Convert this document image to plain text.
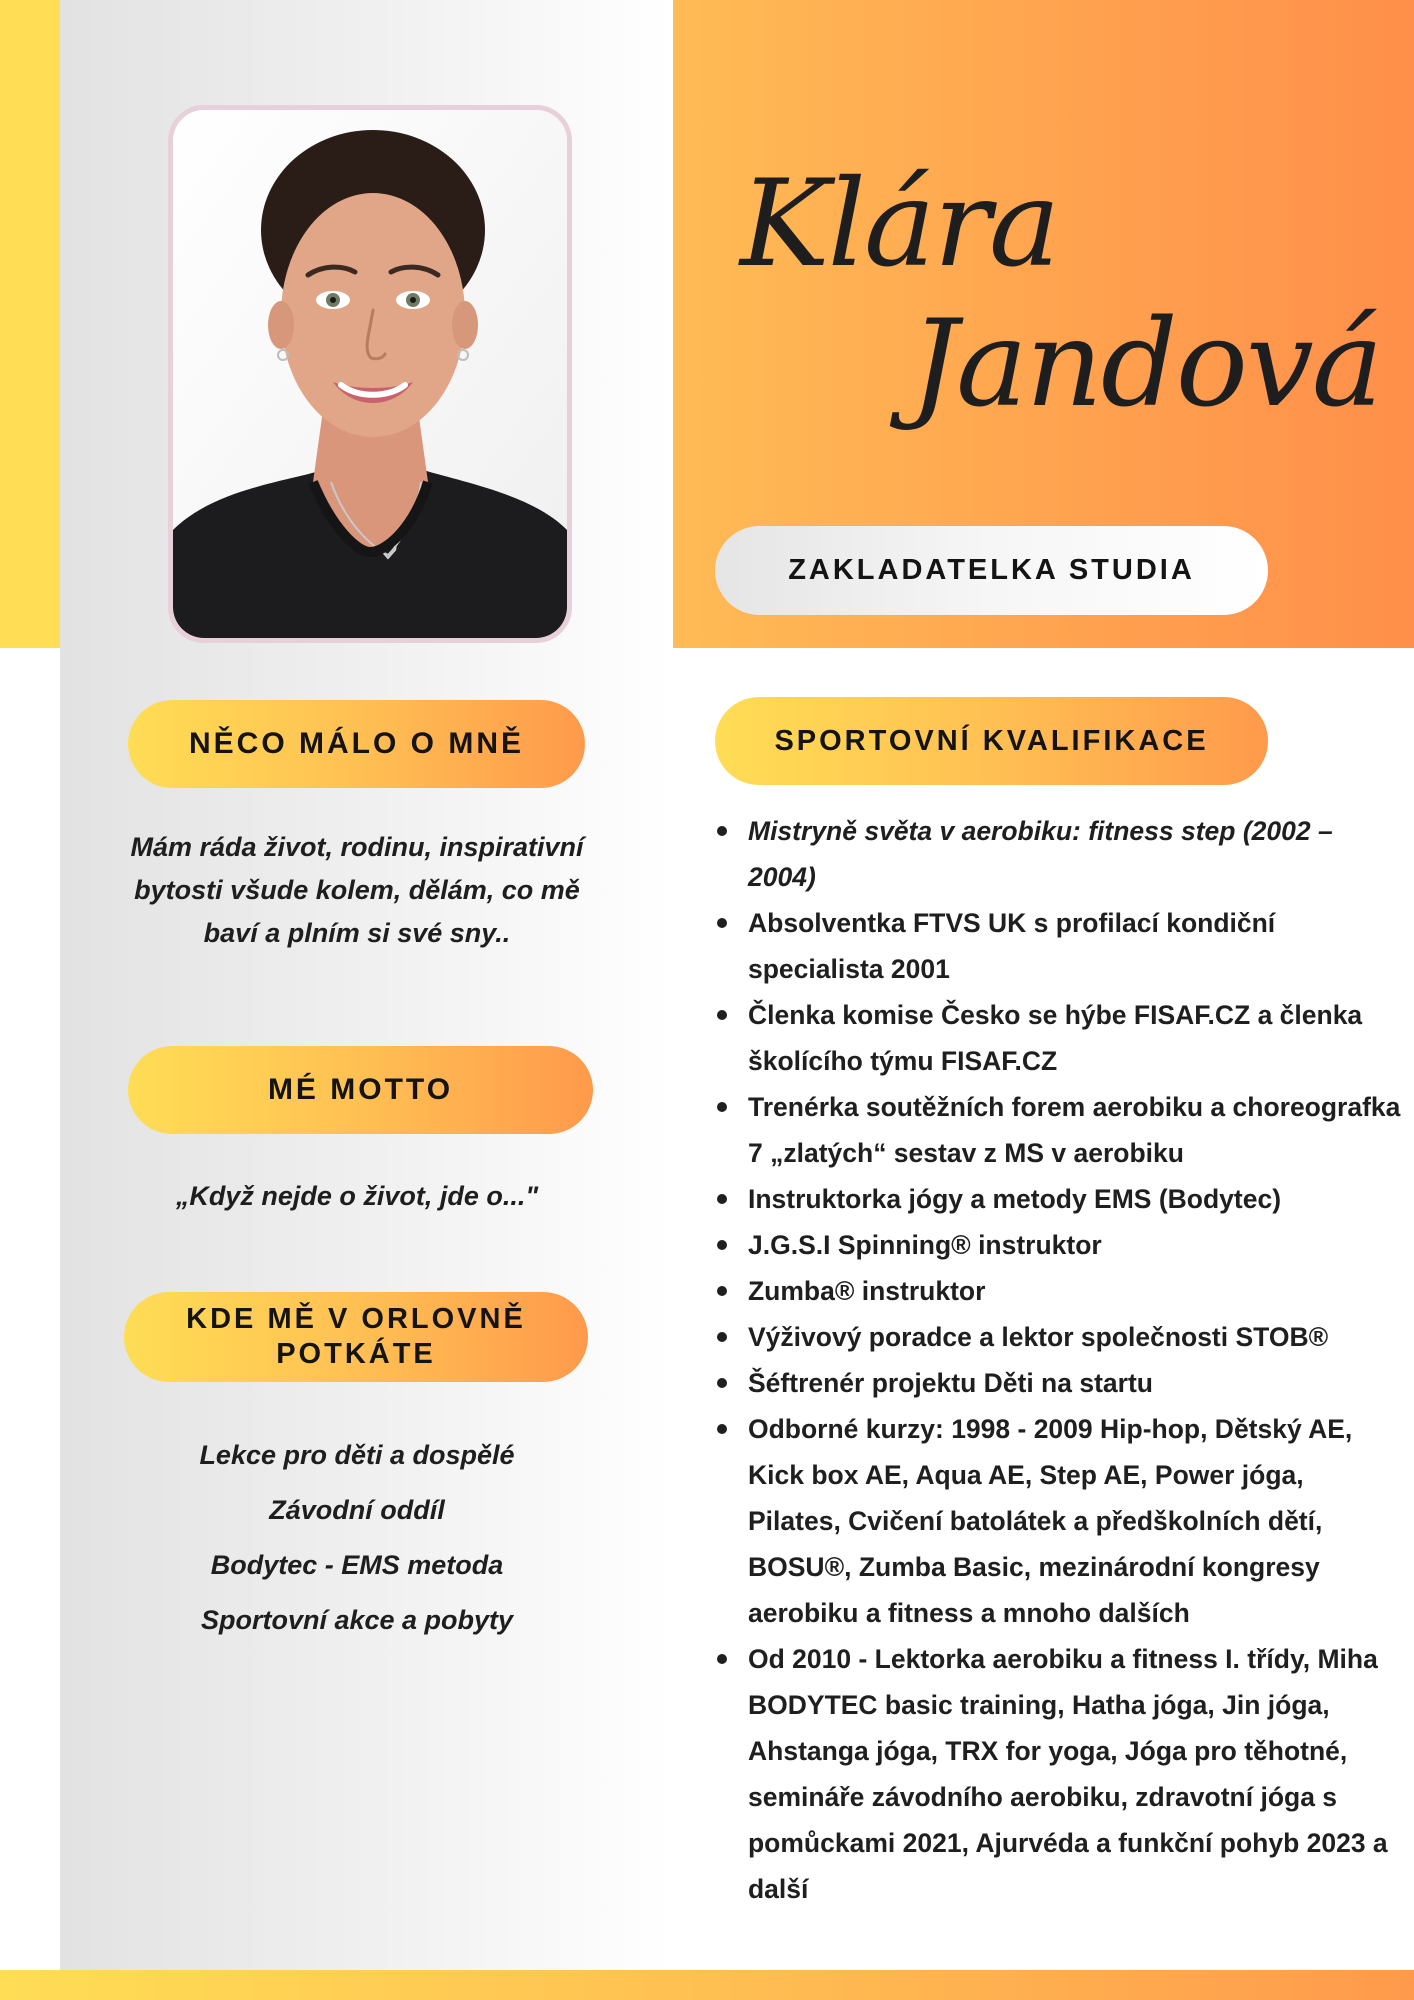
Klára
Jandová
ZAKLADATELKA STUDIA
NĚCO MÁLO O MNĚ
Mám ráda život, rodinu, inspirativní bytosti všude kolem, dělám, co mě baví a plním si své sny..
MÉ MOTTO
„Když nejde o život, jde o..."
KDE MĚ V ORLOVNĚ POTKÁTE
Lekce pro děti a dospělé
Závodní oddíl
Bodytec - EMS metoda
Sportovní akce a pobyty
SPORTOVNÍ KVALIFIKACE
Mistryně světa v aerobiku: fitness step (2002 – 2004)
Absolventka FTVS UK s profilací kondiční specialista 2001
Členka komise Česko se hýbe FISAF.CZ a členka školícího týmu FISAF.CZ
Trenérka soutěžních forem aerobiku a choreografka 7 „zlatých“ sestav z MS v aerobiku
Instruktorka jógy a metody EMS (Bodytec)
J.G.S.I Spinning® instruktor
Zumba® instruktor
Výživový poradce a lektor společnosti STOB®
Šéftrenér projektu Děti na startu
Odborné kurzy: 1998 - 2009 Hip-hop, Dětský AE, Kick box AE, Aqua AE, Step AE, Power jóga, Pilates, Cvičení batolátek a předškolních dětí, BOSU®, Zumba Basic, mezinárodní kongresy aerobiku a fitness a mnoho dalších
Od 2010 - Lektorka aerobiku a fitness I. třídy, Miha BODYTEC basic training, Hatha jóga, Jin jóga, Ahstanga jóga, TRX for yoga, Jóga pro těhotné, semináře závodního aerobiku, zdravotní jóga s pomůckami 2021, Ajurvéda a funkční pohyb 2023 a další
